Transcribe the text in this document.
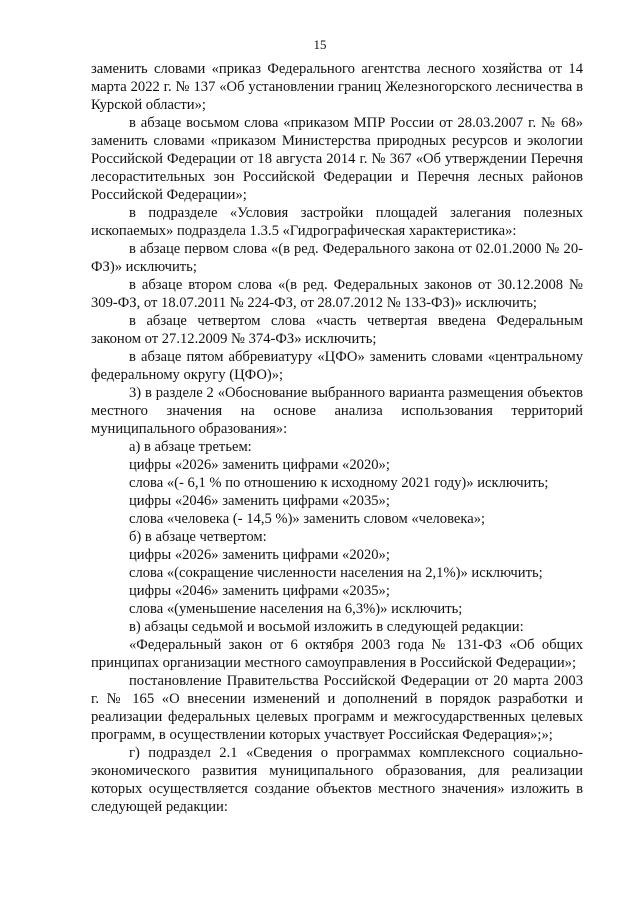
15

заменить словами «приказ Федерального агентства лесного хозяйства от 14 марта 2022 г. № 137 «Об установлении границ Железногорского лесничества в Курской области»;

в абзаце восьмом слова «приказом МПР России от 28.03.2007 г. № 68» заменить словами «приказом Министерства природных ресурсов и экологии Российской Федерации от 18 августа 2014 г. № 367 «Об утверждении Перечня лесорастительных зон Российской Федерации и Перечня лесных районов Российской Федерации»;

в подразделе «Условия застройки площадей залегания полезных ископаемых» подраздела 1.3.5 «Гидрографическая характеристика»:

в абзаце первом слова «(в ред. Федерального закона от 02.01.2000 № 20-ФЗ)» исключить;

в абзаце втором слова «(в ред. Федеральных законов от 30.12.2008 № 309-ФЗ, от 18.07.2011 № 224-ФЗ, от 28.07.2012 № 133-ФЗ)» исключить;

в абзаце четвертом слова «часть четвертая введена Федеральным законом от 27.12.2009 № 374-ФЗ» исключить;

в абзаце пятом аббревиатуру «ЦФО» заменить словами «центральному федеральному округу (ЦФО)»;

3) в разделе 2 «Обоснование выбранного варианта размещения объектов местного значения на основе анализа использования территорий муниципального образования»:

а) в абзаце третьем:

цифры «2026» заменить цифрами «2020»;

слова «(- 6,1 % по отношению к исходному 2021 году)» исключить;

цифры «2046» заменить цифрами «2035»;

слова «человека (- 14,5 %)» заменить словом «человека»;

б) в абзаце четвертом:

цифры «2026» заменить цифрами «2020»;

слова «(сокращение численности населения на 2,1%)» исключить;

цифры «2046» заменить цифрами «2035»;

слова «(уменьшение населения на 6,3%)» исключить;

в) абзацы седьмой и восьмой изложить в следующей редакции:

«Федеральный закон от 6 октября 2003 года № 131-ФЗ «Об общих принципах организации местного самоуправления в Российской Федерации»;

постановление Правительства Российской Федерации от 20 марта 2003 г. № 165 «О внесении изменений и дополнений в порядок разработки и реализации федеральных целевых программ и межгосударственных целевых программ, в осуществлении которых участвует Российская Федерация»;»;

г) подраздел 2.1 «Сведения о программах комплексного социально-экономического развития муниципального образования, для реализации которых осуществляется создание объектов местного значения» изложить в следующей редакции:
